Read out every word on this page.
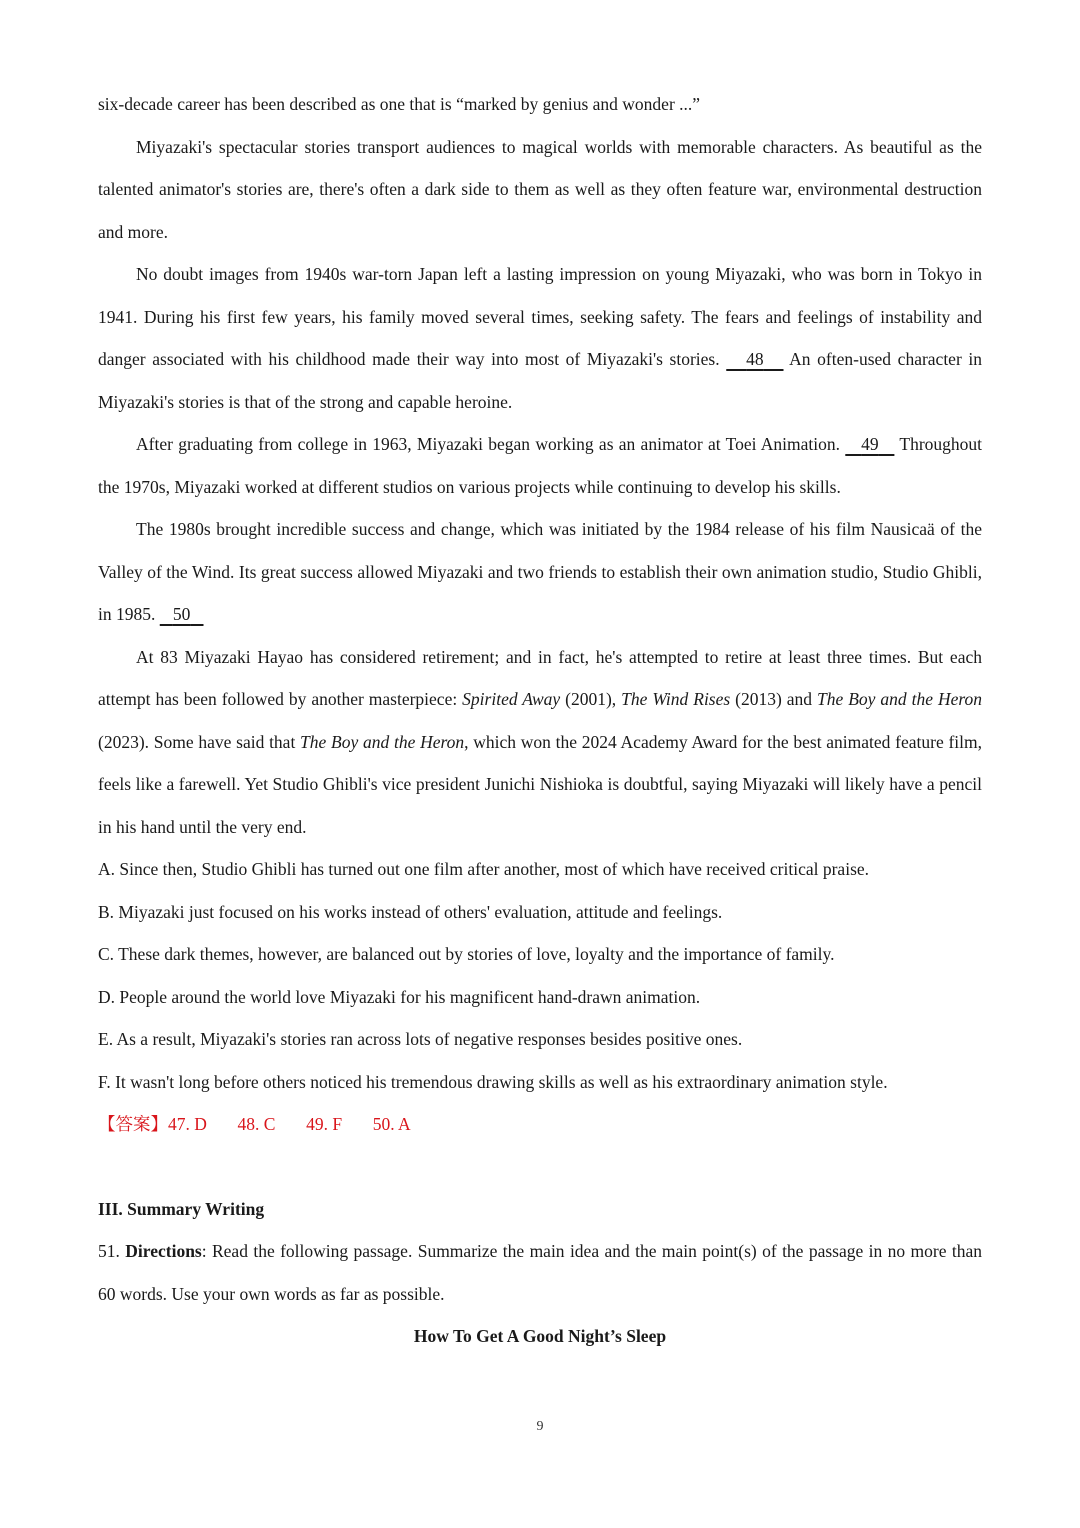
six-decade career has been described as one that is “marked by genius and wonder ...”

Miyazaki's spectacular stories transport audiences to magical worlds with memorable characters. As beautiful as the talented animator's stories are, there's often a dark side to them as well as they often feature war, environmental destruction and more.

No doubt images from 1940s war-torn Japan left a lasting impression on young Miyazaki, who was born in Tokyo in 1941. During his first few years, his family moved several times, seeking safety. The fears and feelings of instability and danger associated with his childhood made their way into most of Miyazaki's stories. 48 An often-used character in Miyazaki's stories is that of the strong and capable heroine.

After graduating from college in 1963, Miyazaki began working as an animator at Toei Animation. 49 Throughout the 1970s, Miyazaki worked at different studios on various projects while continuing to develop his skills.

The 1980s brought incredible success and change, which was initiated by the 1984 release of his film Nausicaä of the Valley of the Wind. Its great success allowed Miyazaki and two friends to establish their own animation studio, Studio Ghibli, in 1985. 50

At 83 Miyazaki Hayao has considered retirement; and in fact, he's attempted to retire at least three times. But each attempt has been followed by another masterpiece: Spirited Away (2001), The Wind Rises (2013) and The Boy and the Heron (2023). Some have said that The Boy and the Heron, which won the 2024 Academy Award for the best animated feature film, feels like a farewell. Yet Studio Ghibli's vice president Junichi Nishioka is doubtful, saying Miyazaki will likely have a pencil in his hand until the very end.

A. Since then, Studio Ghibli has turned out one film after another, most of which have received critical praise.

B. Miyazaki just focused on his works instead of others' evaluation, attitude and feelings.

C. These dark themes, however, are balanced out by stories of love, loyalty and the importance of family.

D. People around the world love Miyazaki for his magnificent hand-drawn animation.

E. As a result, Miyazaki's stories ran across lots of negative responses besides positive ones.

F. It wasn't long before others noticed his tremendous drawing skills as well as his extraordinary animation style.

【答案】47. D 48. C 49. F 50. A

III. Summary Writing

51. Directions: Read the following passage. Summarize the main idea and the main point(s) of the passage in no more than 60 words. Use your own words as far as possible.

How To Get A Good Night’s Sleep

9
